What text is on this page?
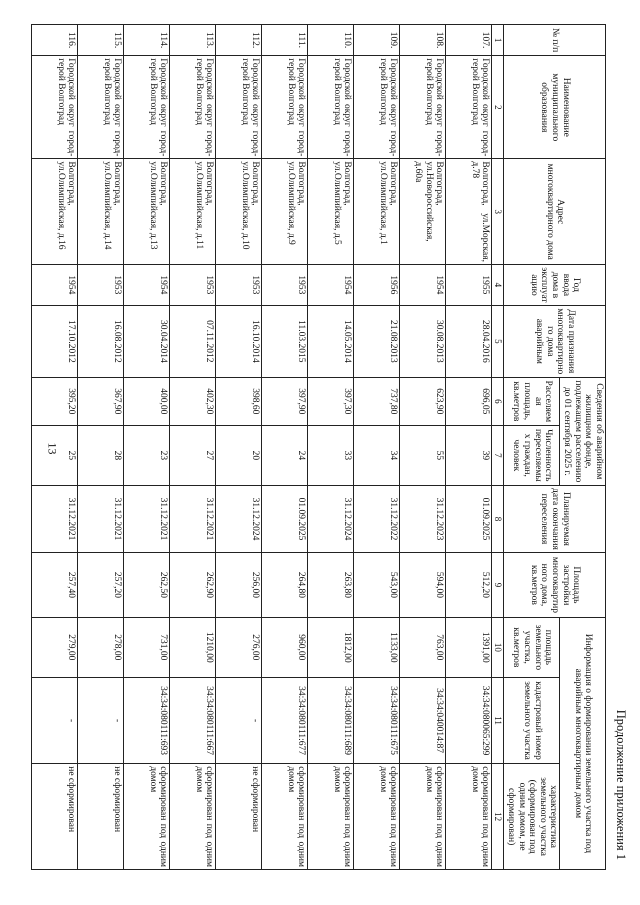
13
Продолжение приложения 1
№ п/п	Наименование муниципального образования	Адрес многоквартирного дома	Год ввода дома в эксплуатацию	Дата признания многоквартирного дома аварийным	Сведения об аварийном жилищном фонде, подлежащем расселению до 01 сентября 2025 г.		Планируемая дата окончания переселения	Площадь застройки многоквартирного дома, кв.метров	Информация о формировании земельного участка под аварийным многоквартирным домом		
					Расселяемая площадь, кв.метров	Численность переселяемых граждан, человек			площадь земельного участка, кв.метров	кадастровый номер земельного участка	характеристика земельного участка (сформирован под одним домом, не сформирован)
1	2	3	4	5	6	7	8	9	10	11	12
107.	Городской округ город-герой Волгоград	Волгоград, ул.Морская, д.78	1955	28.04.2016	696,05	39	01.09.2025	512,20	1391,00	34:34:080065:299	сформирован под одним домом
108.	Городской округ город-герой Волгоград	Волгоград, ул.Новороссийская, д.60а	1954	30.08.2013	623,90	55	31.12.2023	594,00	763,00	34:34:040014:87	сформирован под одним домом
109.	Городской округ город-герой Волгоград	Волгоград, ул.Олимпийская, д.1	1956	21.08.2013	737,80	34	31.12.2022	543,00	1133,00	34:34:080111:675	сформирован под одним домом
110.	Городской округ город-герой Волгоград	Волгоград, ул.Олимпийская, д.5	1954	14.05.2014	397,30	33	31.12.2024	263,80	1812,00	34:34:080111:689	сформирован под одним домом
111.	Городской округ город-герой Волгоград	Волгоград, ул.Олимпийская, д.9	1953	11.03.2015	397,90	24	01.09.2025	264,80	960,00	34:34:080111:677	сформирован под одним домом
112.	Городской округ город-герой Волгоград	Волгоград, ул.Олимпийская, д.10	1953	16.10.2014	398,60	20	31.12.2024	256,00	276,00	-	не сформирован
113.	Городской округ город-герой Волгоград	Волгоград, ул.Олимпийская, д.11	1953	07.11.2012	402,30	27	31.12.2021	262,90	1210,00	34:34:080111:667	сформирован под одним домом
114.	Городской округ город-герой Волгоград	Волгоград, ул.Олимпийская, д.13	1954	30.04.2014	400,00	23	31.12.2021	262,50	731,00	34:34:080111:693	сформирован под одним домом
115.	Городской округ город-герой Волгоград	Волгоград, ул.Олимпийская, д.14	1953	16.08.2012	367,90	28	31.12.2021	257,20	278,00	-	не сформирован
116.	Городской округ город-герой Волгоград	Волгоград, ул.Олимпийская, д.16	1954	17.10.2012	395,20	25	31.12.2021	257,40	279,00	-	не сформирован
